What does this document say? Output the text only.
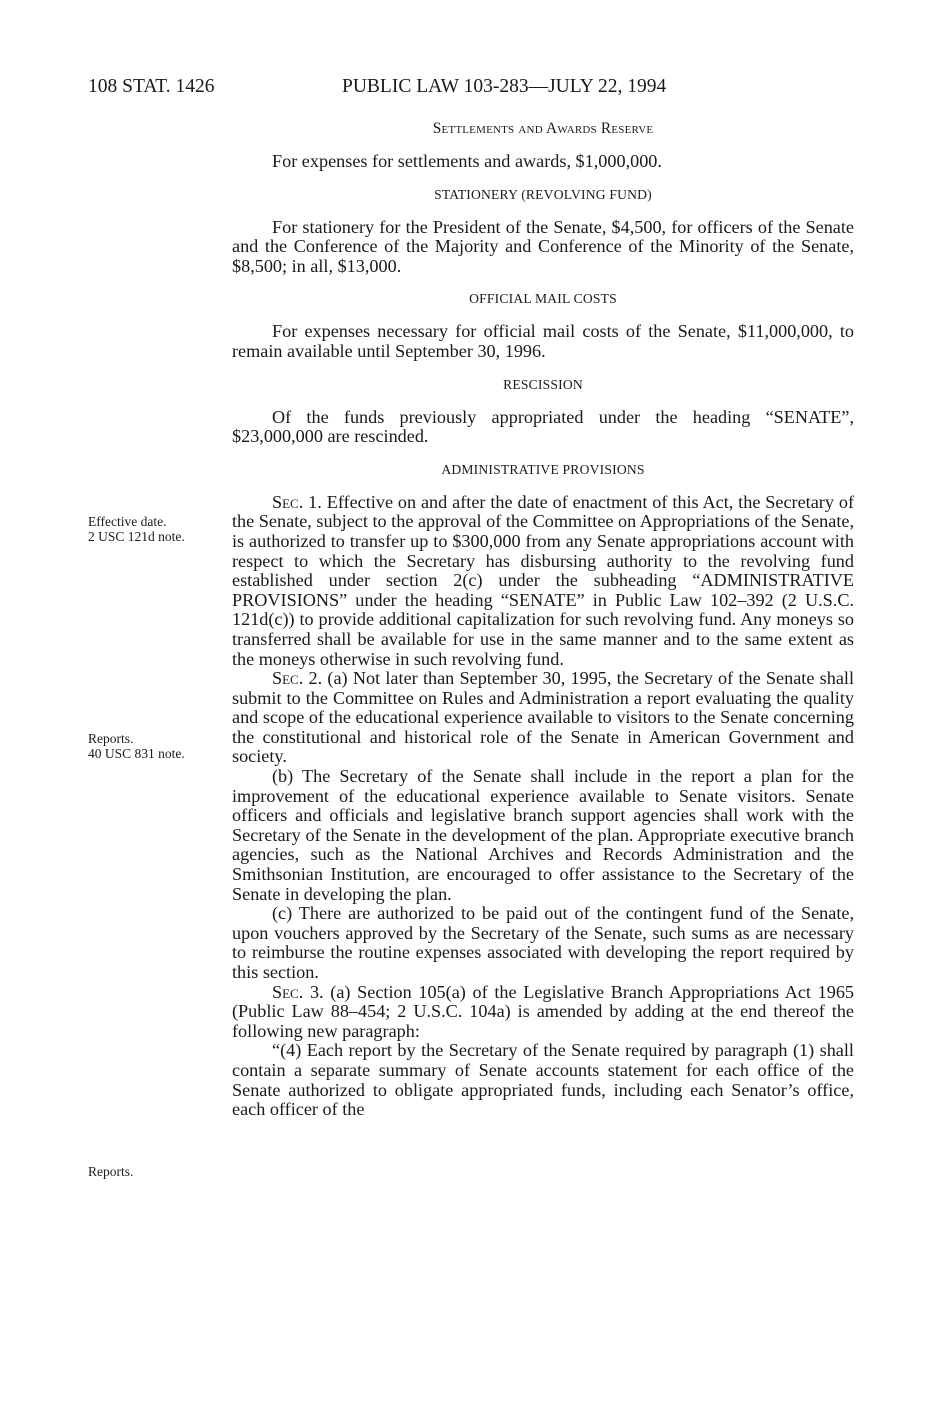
108 STAT. 1426	PUBLIC LAW 103-283—JULY 22, 1994
Settlements and Awards Reserve

For expenses for settlements and awards, $1,000,000.

STATIONERY (REVOLVING FUND)

For stationery for the President of the Senate, $4,500, for officers of the Senate and the Conference of the Majority and Conference of the Minority of the Senate, $8,500; in all, $13,000.

OFFICIAL MAIL COSTS

For expenses necessary for official mail costs of the Senate, $11,000,000, to remain available until September 30, 1996.

RESCISSION

Of the funds previously appropriated under the heading “SENATE”, $23,000,000 are rescinded.

ADMINISTRATIVE PROVISIONS

Sec. 1. Effective on and after the date of enactment of this Act, the Secretary of the Senate, subject to the approval of the Committee on Appropriations of the Senate, is authorized to transfer up to $300,000 from any Senate appropriations account with respect to which the Secretary has disbursing authority to the revolving fund established under section 2(c) under the subheading “ADMINISTRATIVE PROVISIONS” under the heading “SENATE” in Public Law 102–392 (2 U.S.C. 121d(c)) to provide additional capitalization for such revolving fund. Any moneys so transferred shall be available for use in the same manner and to the same extent as the moneys otherwise in such revolving fund.

Sec. 2. (a) Not later than September 30, 1995, the Secretary of the Senate shall submit to the Committee on Rules and Administration a report evaluating the quality and scope of the educational experience available to visitors to the Senate concerning the constitutional and historical role of the Senate in American Government and society.

(b) The Secretary of the Senate shall include in the report a plan for the improvement of the educational experience available to Senate visitors. Senate officers and officials and legislative branch support agencies shall work with the Secretary of the Senate in the development of the plan. Appropriate executive branch agencies, such as the National Archives and Records Administration and the Smithsonian Institution, are encouraged to offer assistance to the Secretary of the Senate in developing the plan.

(c) There are authorized to be paid out of the contingent fund of the Senate, upon vouchers approved by the Secretary of the Senate, such sums as are necessary to reimburse the routine expenses associated with developing the report required by this section.

Sec. 3. (a) Section 105(a) of the Legislative Branch Appropriations Act 1965 (Public Law 88–454; 2 U.S.C. 104a) is amended by adding at the end thereof the following new paragraph:

“(4) Each report by the Secretary of the Senate required by paragraph (1) shall contain a separate summary of Senate accounts statement for each office of the Senate authorized to obligate appropriated funds, including each Senator’s office, each officer of the

Effective date.
2 USC 121d note.
Reports.
40 USC 831 note.
Reports.
